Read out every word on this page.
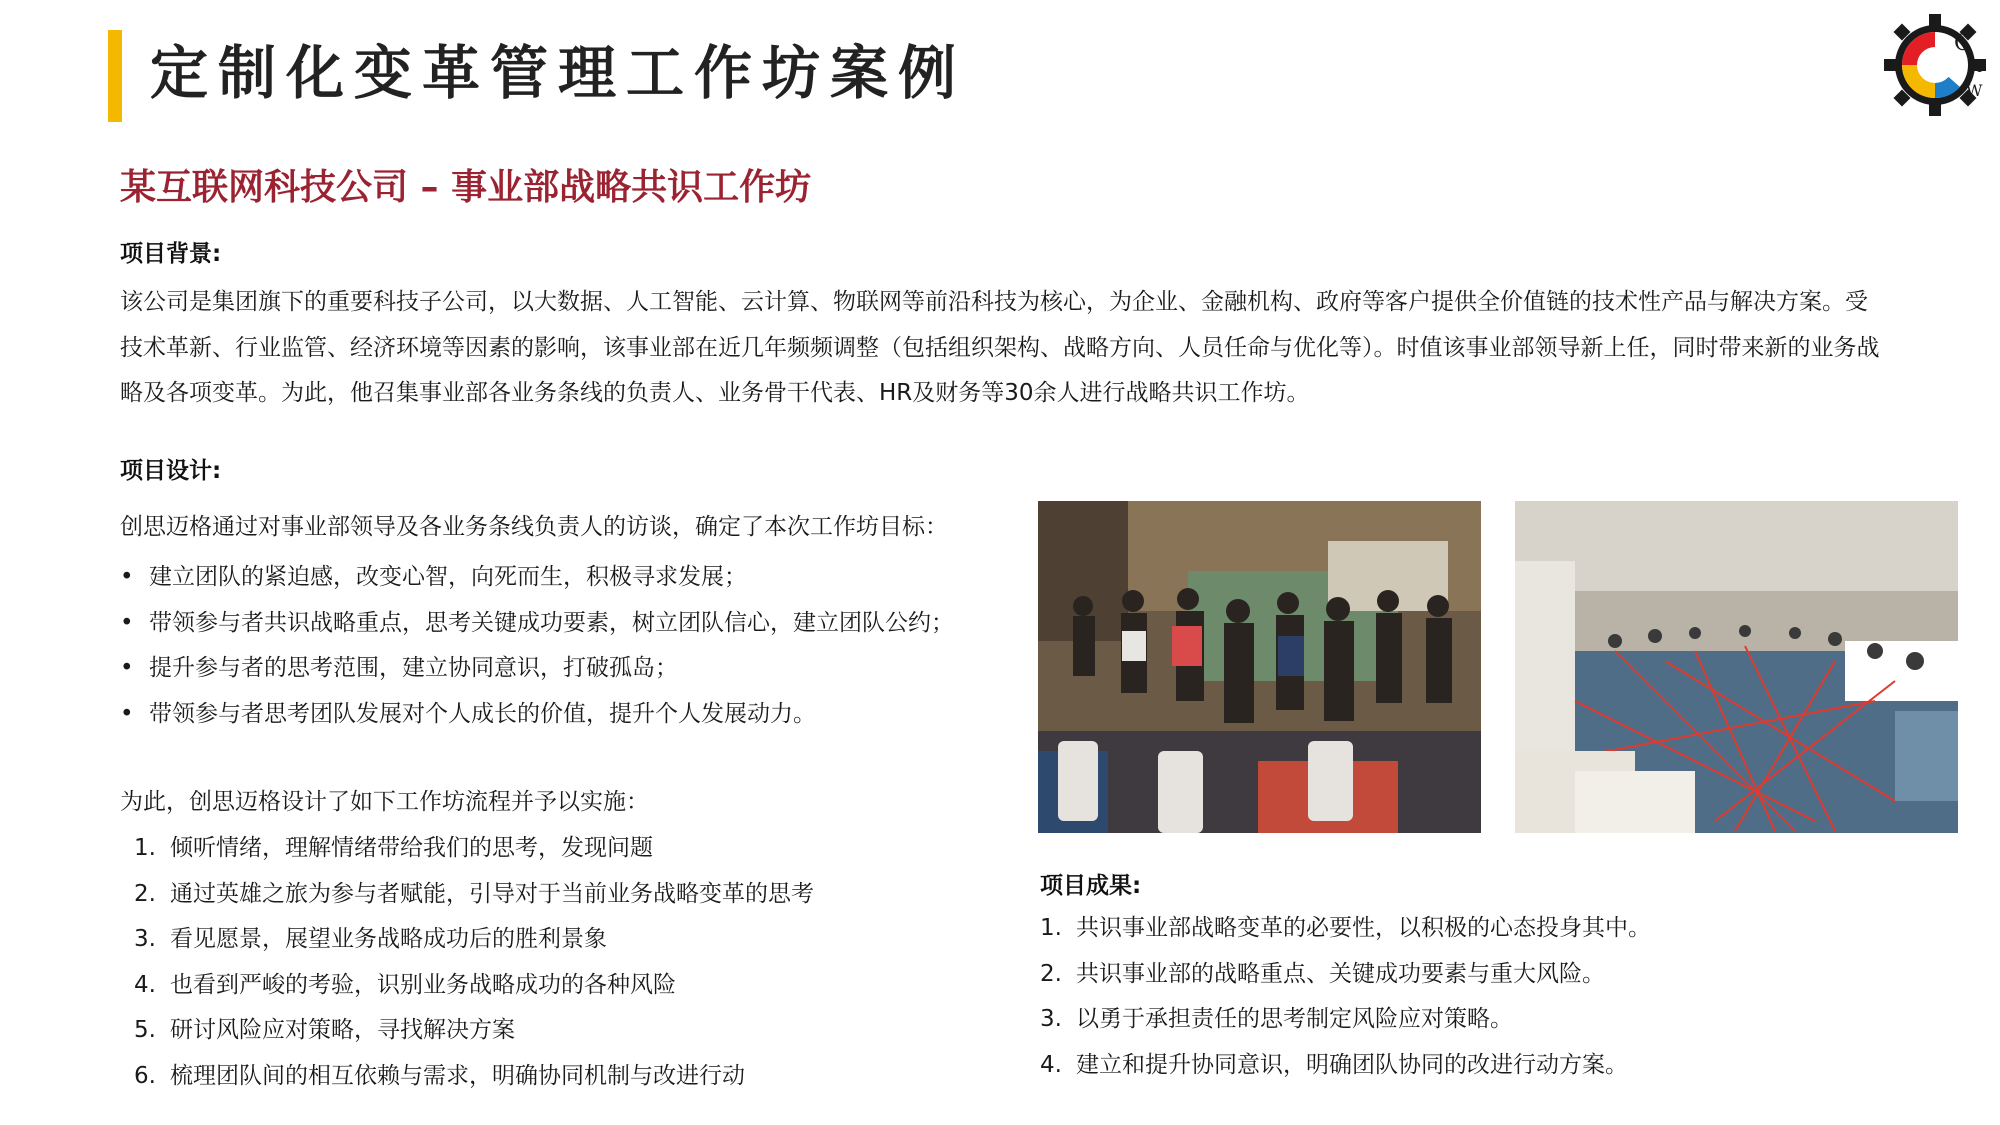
定制化变革管理工作坊案例	C
M
W
某互联网科技公司 – 事业部战略共识工作坊
项目背景:
该公司是集团旗下的重要科技子公司，以大数据、人工智能、云计算、物联网等前沿科技为核心，为企业、金融机构、政府等客户提供全价值链的技术性产品与解决方案。受技术革新、行业监管、经济环境等因素的影响，该事业部在近几年频频调整（包括组织架构、战略方向、人员任命与优化等）。时值该事业部领导新上任，同时带来新的业务战略及各项变革。为此，他召集事业部各业务条线的负责人、业务骨干代表、HR及财务等30余人进行战略共识工作坊。
项目设计:
创思迈格通过对事业部领导及各业务条线负责人的访谈，确定了本次工作坊目标：
• 建立团队的紧迫感，改变心智，向死而生，积极寻求发展；
• 带领参与者共识战略重点，思考关键成功要素，树立团队信心，建立团队公约；
• 提升参与者的思考范围，建立协同意识，打破孤岛；
• 带领参与者思考团队发展对个人成长的价值，提升个人发展动力。
为此，创思迈格设计了如下工作坊流程并予以实施：
1. 倾听情绪，理解情绪带给我们的思考，发现问题
2. 通过英雄之旅为参与者赋能，引导对于当前业务战略变革的思考
3. 看见愿景，展望业务战略成功后的胜利景象
4. 也看到严峻的考验，识别业务战略成功的各种风险
5. 研讨风险应对策略，寻找解决方案
6. 梳理团队间的相互依赖与需求，明确协同机制与改进行动
项目成果:
1. 共识事业部战略变革的必要性，以积极的心态投身其中。
2. 共识事业部的战略重点、关键成功要素与重大风险。
3. 以勇于承担责任的思考制定风险应对策略。
4. 建立和提升协同意识，明确团队协同的改进行动方案。
